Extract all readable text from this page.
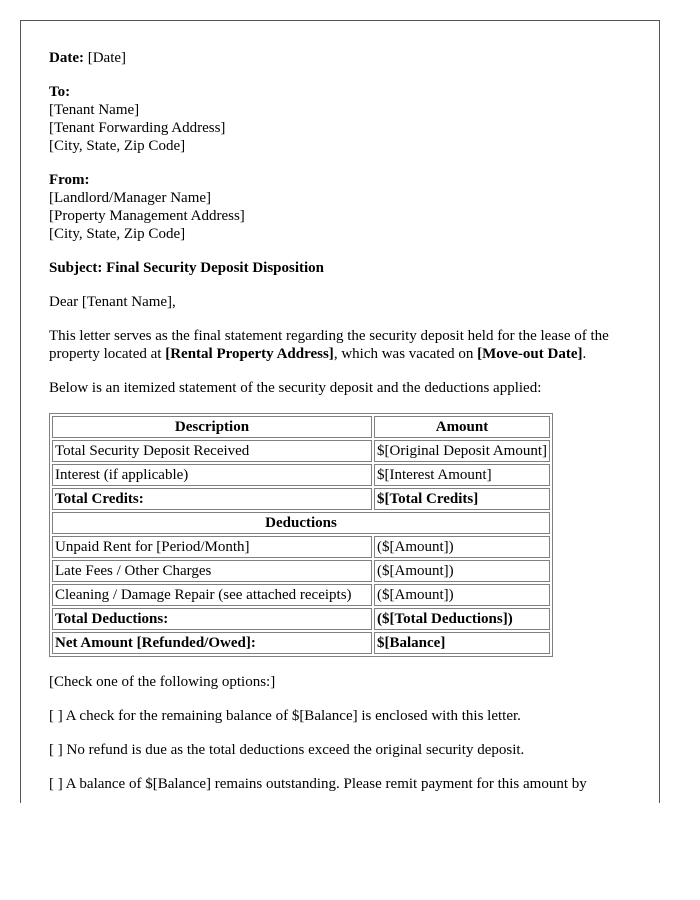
Date: [Date]

To:
[Tenant Name]
[Tenant Forwarding Address]
[City, State, Zip Code]

From:
[Landlord/Manager Name]
[Property Management Address]
[City, State, Zip Code]

Subject: Final Security Deposit Disposition

Dear [Tenant Name],

This letter serves as the final statement regarding the security deposit held for the lease of the property located at [Rental Property Address], which was vacated on [Move-out Date].

Below is an itemized statement of the security deposit and the deductions applied:

Description	Amount
Total Security Deposit Received	$[Original Deposit Amount]
Interest (if applicable)	$[Interest Amount]
Total Credits:	$[Total Credits]
Deductions	
Unpaid Rent for [Period/Month]	($[Amount])
Late Fees / Other Charges	($[Amount])
Cleaning / Damage Repair (see attached receipts)	($[Amount])
Total Deductions:	($[Total Deductions])
Net Amount [Refunded/Owed]:	$[Balance]

[Check one of the following options:]

[ ] A check for the remaining balance of $[Balance] is enclosed with this letter.

[ ] No refund is due as the total deductions exceed the original security deposit.

[ ] A balance of $[Balance] remains outstanding. Please remit payment for this amount by
